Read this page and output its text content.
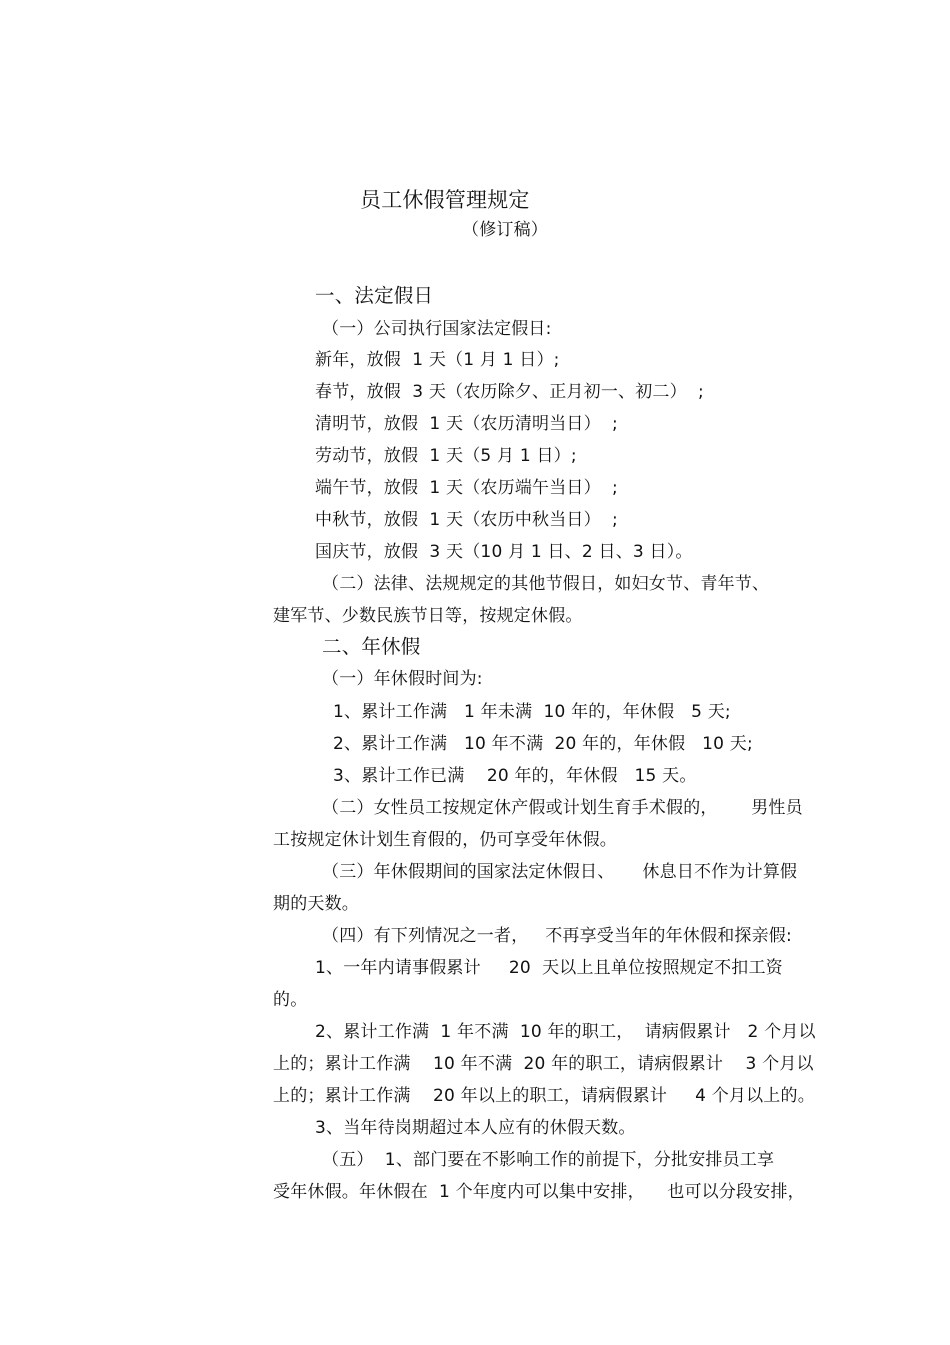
员工休假管理规定
（修订稿）
一、法定假日
（一）公司执行国家法定假日:
新年，放假  1 天（1 月 1 日）;
春节，放假  3 天（农历除夕、正月初一、初二）  ;
清明节，放假  1 天（农历清明当日）  ;
劳动节，放假  1 天（5 月 1 日）;
端午节，放假  1 天（农历端午当日）  ;
中秋节，放假  1 天（农历中秋当日）  ;
国庆节，放假  3 天（10 月 1 日、2 日、3 日）。
（二）法律、法规规定的其他节假日，如妇女节、青年节、
建军节、少数民族节日等，按规定休假。
二、年休假
（一）年休假时间为:
1、累计工作满   1 年未满  10 年的，年休假   5 天;
2、累计工作满   10 年不满  20 年的，年休假   10 天;
3、累计工作已满    20 年的，年休假   15 天。
（二）女性员工按规定休产假或计划生育手术假的，      男性员
工按规定休计划生育假的，仍可享受年休假。
（三）年休假期间的国家法定休假日、     休息日不作为计算假
期的天数。
（四）有下列情况之一者，   不再享受当年的年休假和探亲假:
1、一年内请事假累计     20  天以上且单位按照规定不扣工资
的。
2、累计工作满  1 年不满  10 年的职工，  请病假累计   2 个月以
上的；累计工作满    10 年不满  20 年的职工，请病假累计    3 个月以
上的；累计工作满    20 年以上的职工，请病假累计     4 个月以上的。
3、当年待岗期超过本人应有的休假天数。
（五）  1、部门要在不影响工作的前提下，分批安排员工享
受年休假。年休假在  1 个年度内可以集中安排，    也可以分段安排，
